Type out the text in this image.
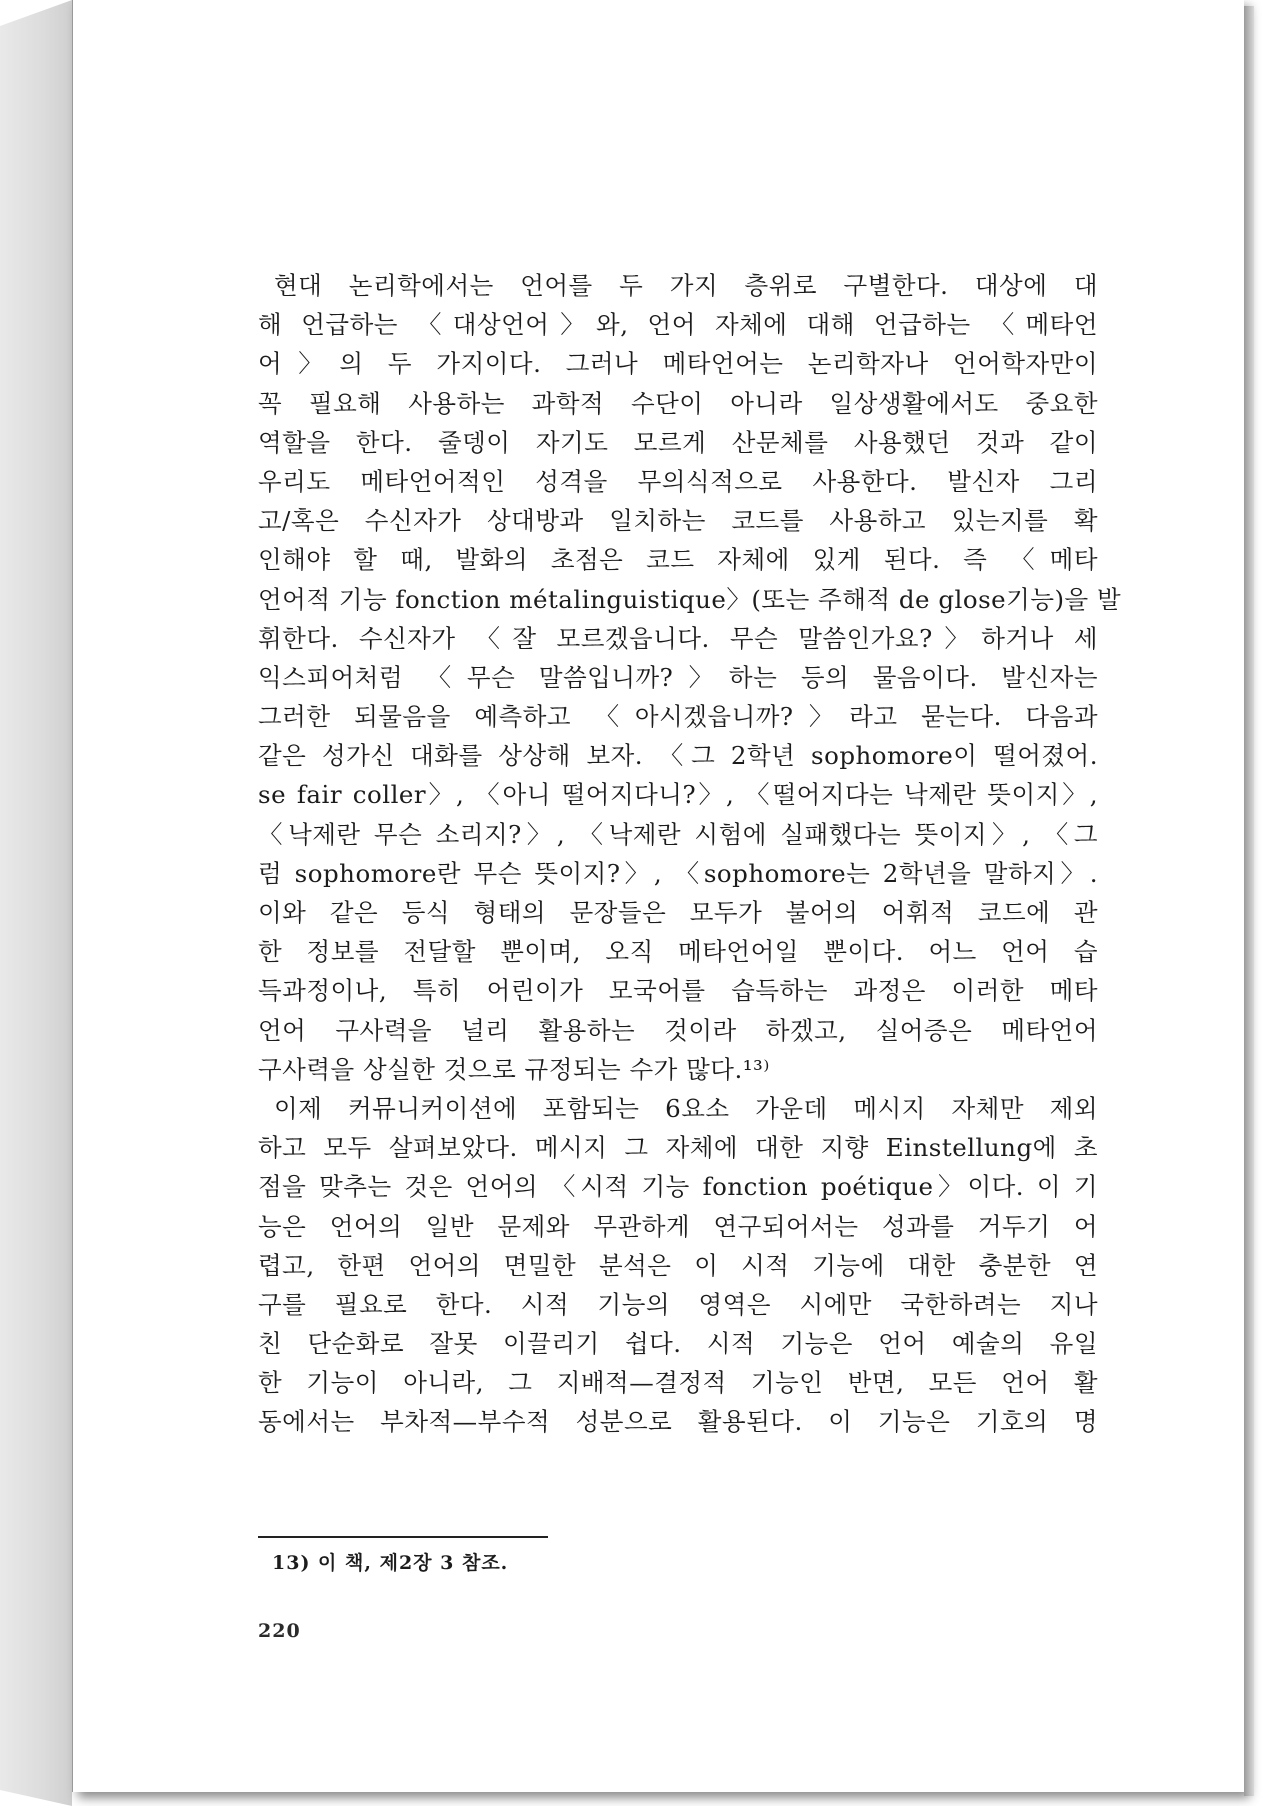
현대 논리학에서는 언어를 두 가지 층위로 구별한다. 대상에 대
해 언급하는 〈대상언어〉와, 언어 자체에 대해 언급하는 〈메타언
어〉의 두 가지이다. 그러나 메타언어는 논리학자나 언어학자만이
꼭 필요해 사용하는 과학적 수단이 아니라 일상생활에서도 중요한
역할을 한다. 줄뎅이 자기도 모르게 산문체를 사용했던 것과 같이
우리도 메타언어적인 성격을 무의식적으로 사용한다. 발신자 그리
고/혹은 수신자가 상대방과 일치하는 코드를 사용하고 있는지를 확
인해야 할 때, 발화의 초점은 코드 자체에 있게 된다. 즉 〈메타
언어적 기능 fonction métalinguistique〉(또는 주해적 de glose기능)을 발
휘한다. 수신자가 〈잘 모르겠읍니다. 무슨 말씀인가요?〉하거나 세
익스피어처럼 〈무슨 말씀입니까?〉하는 등의 물음이다. 발신자는
그러한 되물음을 예측하고 〈아시겠읍니까?〉라고 묻는다. 다음과
같은 성가신 대화를 상상해 보자. 〈그 2학년 sophomore이 떨어졌어.
se fair coller〉, 〈아니 떨어지다니?〉, 〈떨어지다는 낙제란 뜻이지〉,
〈낙제란 무슨 소리지?〉, 〈낙제란 시험에 실패했다는 뜻이지〉, 〈그
럼 sophomore란 무슨 뜻이지?〉, 〈sophomore는 2학년을 말하지〉.
이와 같은 등식 형태의 문장들은 모두가 불어의 어휘적 코드에 관
한 정보를 전달할 뿐이며, 오직 메타언어일 뿐이다. 어느 언어 습
득과정이나, 특히 어린이가 모국어를 습득하는 과정은 이러한 메타
언어 구사력을 널리 활용하는 것이라 하겠고, 실어증은 메타언어
구사력을 상실한 것으로 규정되는 수가 많다.¹³⁾
이제 커뮤니커이션에 포함되는 6요소 가운데 메시지 자체만 제외
하고 모두 살펴보았다. 메시지 그 자체에 대한 지향 Einstellung에 초
점을 맞추는 것은 언어의 〈시적 기능 fonction poétique〉이다. 이 기
능은 언어의 일반 문제와 무관하게 연구되어서는 성과를 거두기 어
렵고, 한편 언어의 면밀한 분석은 이 시적 기능에 대한 충분한 연
구를 필요로 한다. 시적 기능의 영역은 시에만 국한하려는 지나
친 단순화로 잘못 이끌리기 쉽다. 시적 기능은 언어 예술의 유일
한 기능이 아니라, 그 지배적—결정적 기능인 반면, 모든 언어 활
동에서는 부차적—부수적 성분으로 활용된다. 이 기능은 기호의 명
13) 이 책, 제2장 3 참조.
220
